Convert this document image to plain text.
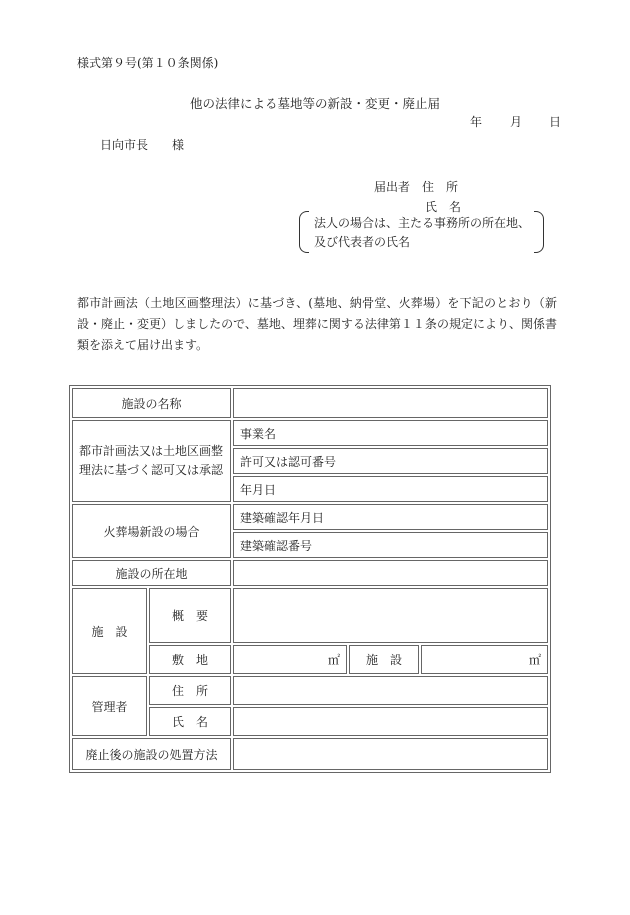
様式第９号(第１０条関係)
他の法律による墓地等の新設・変更・廃止届
年 月 日
日向市長　　様
届出者　住　所
氏　名
法人の場合は、主たる事務所の所在地、
及び代表者の氏名
都市計画法（土地区画整理法）に基づき、(墓地、納骨堂、火葬場）を下記のとおり（新設・廃止・変更）しましたので、墓地、埋葬に関する法律第１１条の規定により、関係書類を添えて届け出ます。
施設の名称				

都市計画法又は土地区画整
理法に基づく認可又は承認		事業名		
		許可又は認可番号		
		年月日		
火葬場新設の場合		建築確認年月日		
		建築確認番号		
施設の所在地				
施　設	概　要			
	敷　地	㎡	施　設	㎡
管理者	住　所			
	氏　名			
廃止後の施設の処置方法				
